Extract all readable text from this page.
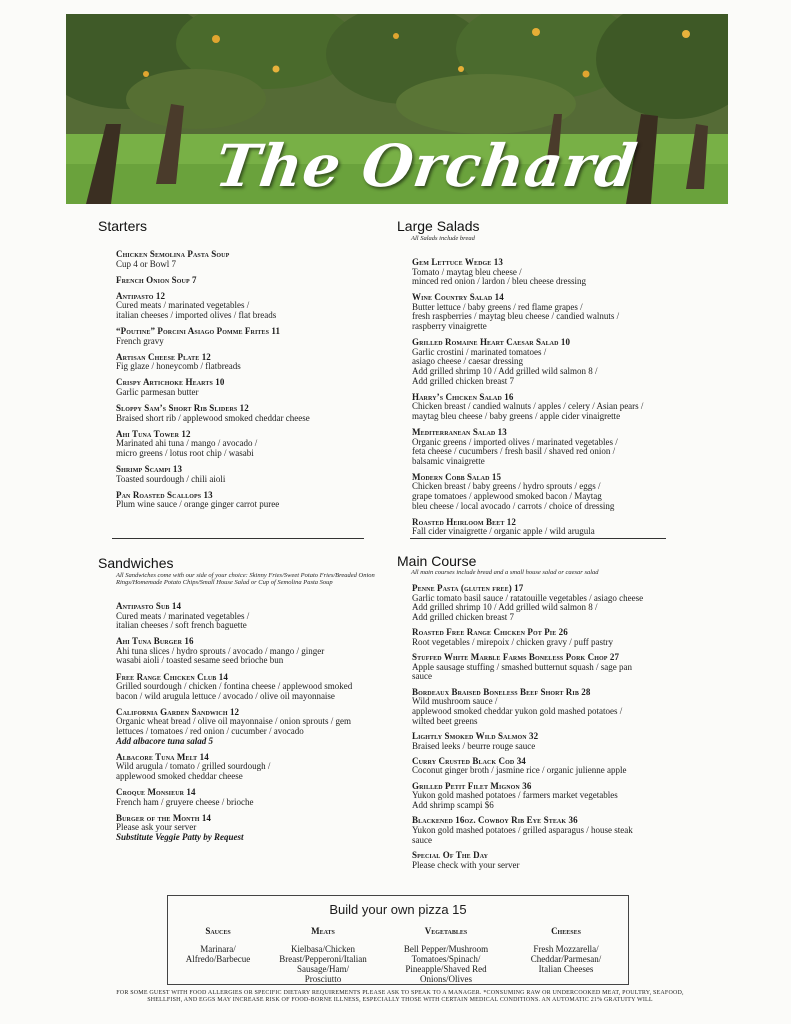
The Orchard
Starters
Chicken Semolina Pasta Soup
Cup 4 or Bowl 7
French Onion Soup 7
Antipasto 12
Cured meats / marinated vegetables /
italian cheeses / imported olives / flat breads
“Poutine” Porcini Asiago Pomme Frites 11
French gravy
Artisan Cheese Plate 12
Fig glaze / honeycomb / flatbreads
Crispy Artichoke Hearts 10
Garlic parmesan butter
Sloppy Sam’s Short Rib Sliders 12
Braised short rib / applewood smoked cheddar cheese
Ahi Tuna Tower 12
Marinated ahi tuna / mango / avocado /
micro greens / lotus root chip / wasabi
Shrimp Scampi 13
Toasted sourdough / chili aioli
Pan Roasted Scallops 13
Plum wine sauce / orange ginger carrot puree
Sandwiches
All Sandwiches come with our side of your choice: Skinny Fries/Sweet Potato Fries/Breaded Onion Rings/Homemade Potato Chips/Small House Salad or Cup of Semolina Pasta Soup
Antipasto Sub 14
Cured meats / marinated vegetables /
italian cheeses / soft french baguette
Ahi Tuna Burger 16
Ahi tuna slices / hydro sprouts / avocado / mango / ginger
wasabi aioli / toasted sesame seed brioche bun
Free Range Chicken Club 14
Grilled sourdough / chicken / fontina cheese / applewood smoked
bacon / wild arugula lettuce / avocado / olive oil mayonnaise
California Garden Sandwich 12
Organic wheat bread / olive oil mayonnaise / onion sprouts / gem
lettuces / tomatoes / red onion / cucumber / avocado
Add albacore tuna salad 5
Albacore Tuna Melt 14
Wild arugula / tomato / grilled sourdough /
applewood smoked cheddar cheese
Croque Monsieur 14
French ham / gruyere cheese / brioche
Burger of the Month 14
Please ask your server
Substitute Veggie Patty by Request
Large Salads
All Salads include bread
Gem Lettuce Wedge 13
Tomato / maytag bleu cheese /
minced red onion / lardon / bleu cheese dressing
Wine Country Salad 14
Butter lettuce / baby greens / red flame grapes /
fresh raspberries / maytag bleu cheese / candied walnuts /
raspberry vinaigrette
Grilled Romaine Heart Caesar Salad 10
Garlic crostini / marinated tomatoes /
asiago cheese / caesar dressing
Add grilled shrimp 10 / Add grilled wild salmon 8 /
Add grilled chicken breast 7
Harry’s Chicken Salad 16
Chicken breast / candied walnuts / apples / celery / Asian pears /
maytag bleu cheese / baby greens / apple cider vinaigrette
Mediterranean Salad 13
Organic greens / imported olives / marinated vegetables /
feta cheese / cucumbers / fresh basil / shaved red onion /
balsamic vinaigrette
Modern Cobb Salad 15
Chicken breast / baby greens / hydro sprouts / eggs /
grape tomatoes / applewood smoked bacon / Maytag
bleu cheese / local avocado / carrots / choice of dressing
Roasted Heirloom Beet 12
Fall cider vinaigrette / organic apple / wild arugula
Main Course
All main courses include bread and a small house salad or caesar salad
Penne Pasta (gluten free) 17
Garlic tomato basil sauce / ratatouille vegetables / asiago cheese
Add grilled shrimp 10 / Add grilled wild salmon 8 /
Add grilled chicken breast 7
Roasted Free Range Chicken Pot Pie 26
Root vegetables / mirepoix / chicken gravy / puff pastry
Stuffed White Marble Farms Boneless Pork Chop 27
Apple sausage stuffing / smashed butternut squash / sage pan
sauce
Bordeaux Braised Boneless Beef Short Rib 28
Wild mushroom sauce /
applewood smoked cheddar yukon gold mashed potatoes /
wilted beet greens
Lightly Smoked Wild Salmon 32
Braised leeks / beurre rouge sauce
Curry Crusted Black Cod 34
Coconut ginger broth / jasmine rice / organic julienne apple
Grilled Petit Filet Mignon 36
Yukon gold mashed potatoes / farmers market vegetables
Add shrimp scampi $6
Blackened 16oz. Cowboy Rib Eye Steak 36
Yukon gold mashed potatoes / grilled asparagus / house steak
sauce
Special Of The Day
Please check with your server
Build your own pizza 15
Sauces
Marinara/
Alfredo/Barbecue
Meats
Kielbasa/Chicken
Breast/Pepperoni/Italian
Sausage/Ham/
Prosciutto
Vegetables
Bell Pepper/Mushroom
Tomatoes/Spinach/
Pineapple/Shaved Red
Onions/Olives
Cheeses
Fresh Mozzarella/
Cheddar/Parmesan/
Italian Cheeses
FOR SOME GUEST WITH FOOD ALLERGIES OR SPECIFIC DIETARY REQUIREMENTS PLEASE ASK TO SPEAK TO A MANAGER. *CONSUMING RAW OR UNDERCOOKED MEAT, POULTRY, SEAFOOD, SHELLFISH, AND EGGS MAY INCREASE RISK OF FOOD-BORNE ILLNESS, ESPECIALLY THOSE WITH CERTAIN MEDICAL CONDITIONS. AN AUTOMATIC 21% GRATUITY WILL
